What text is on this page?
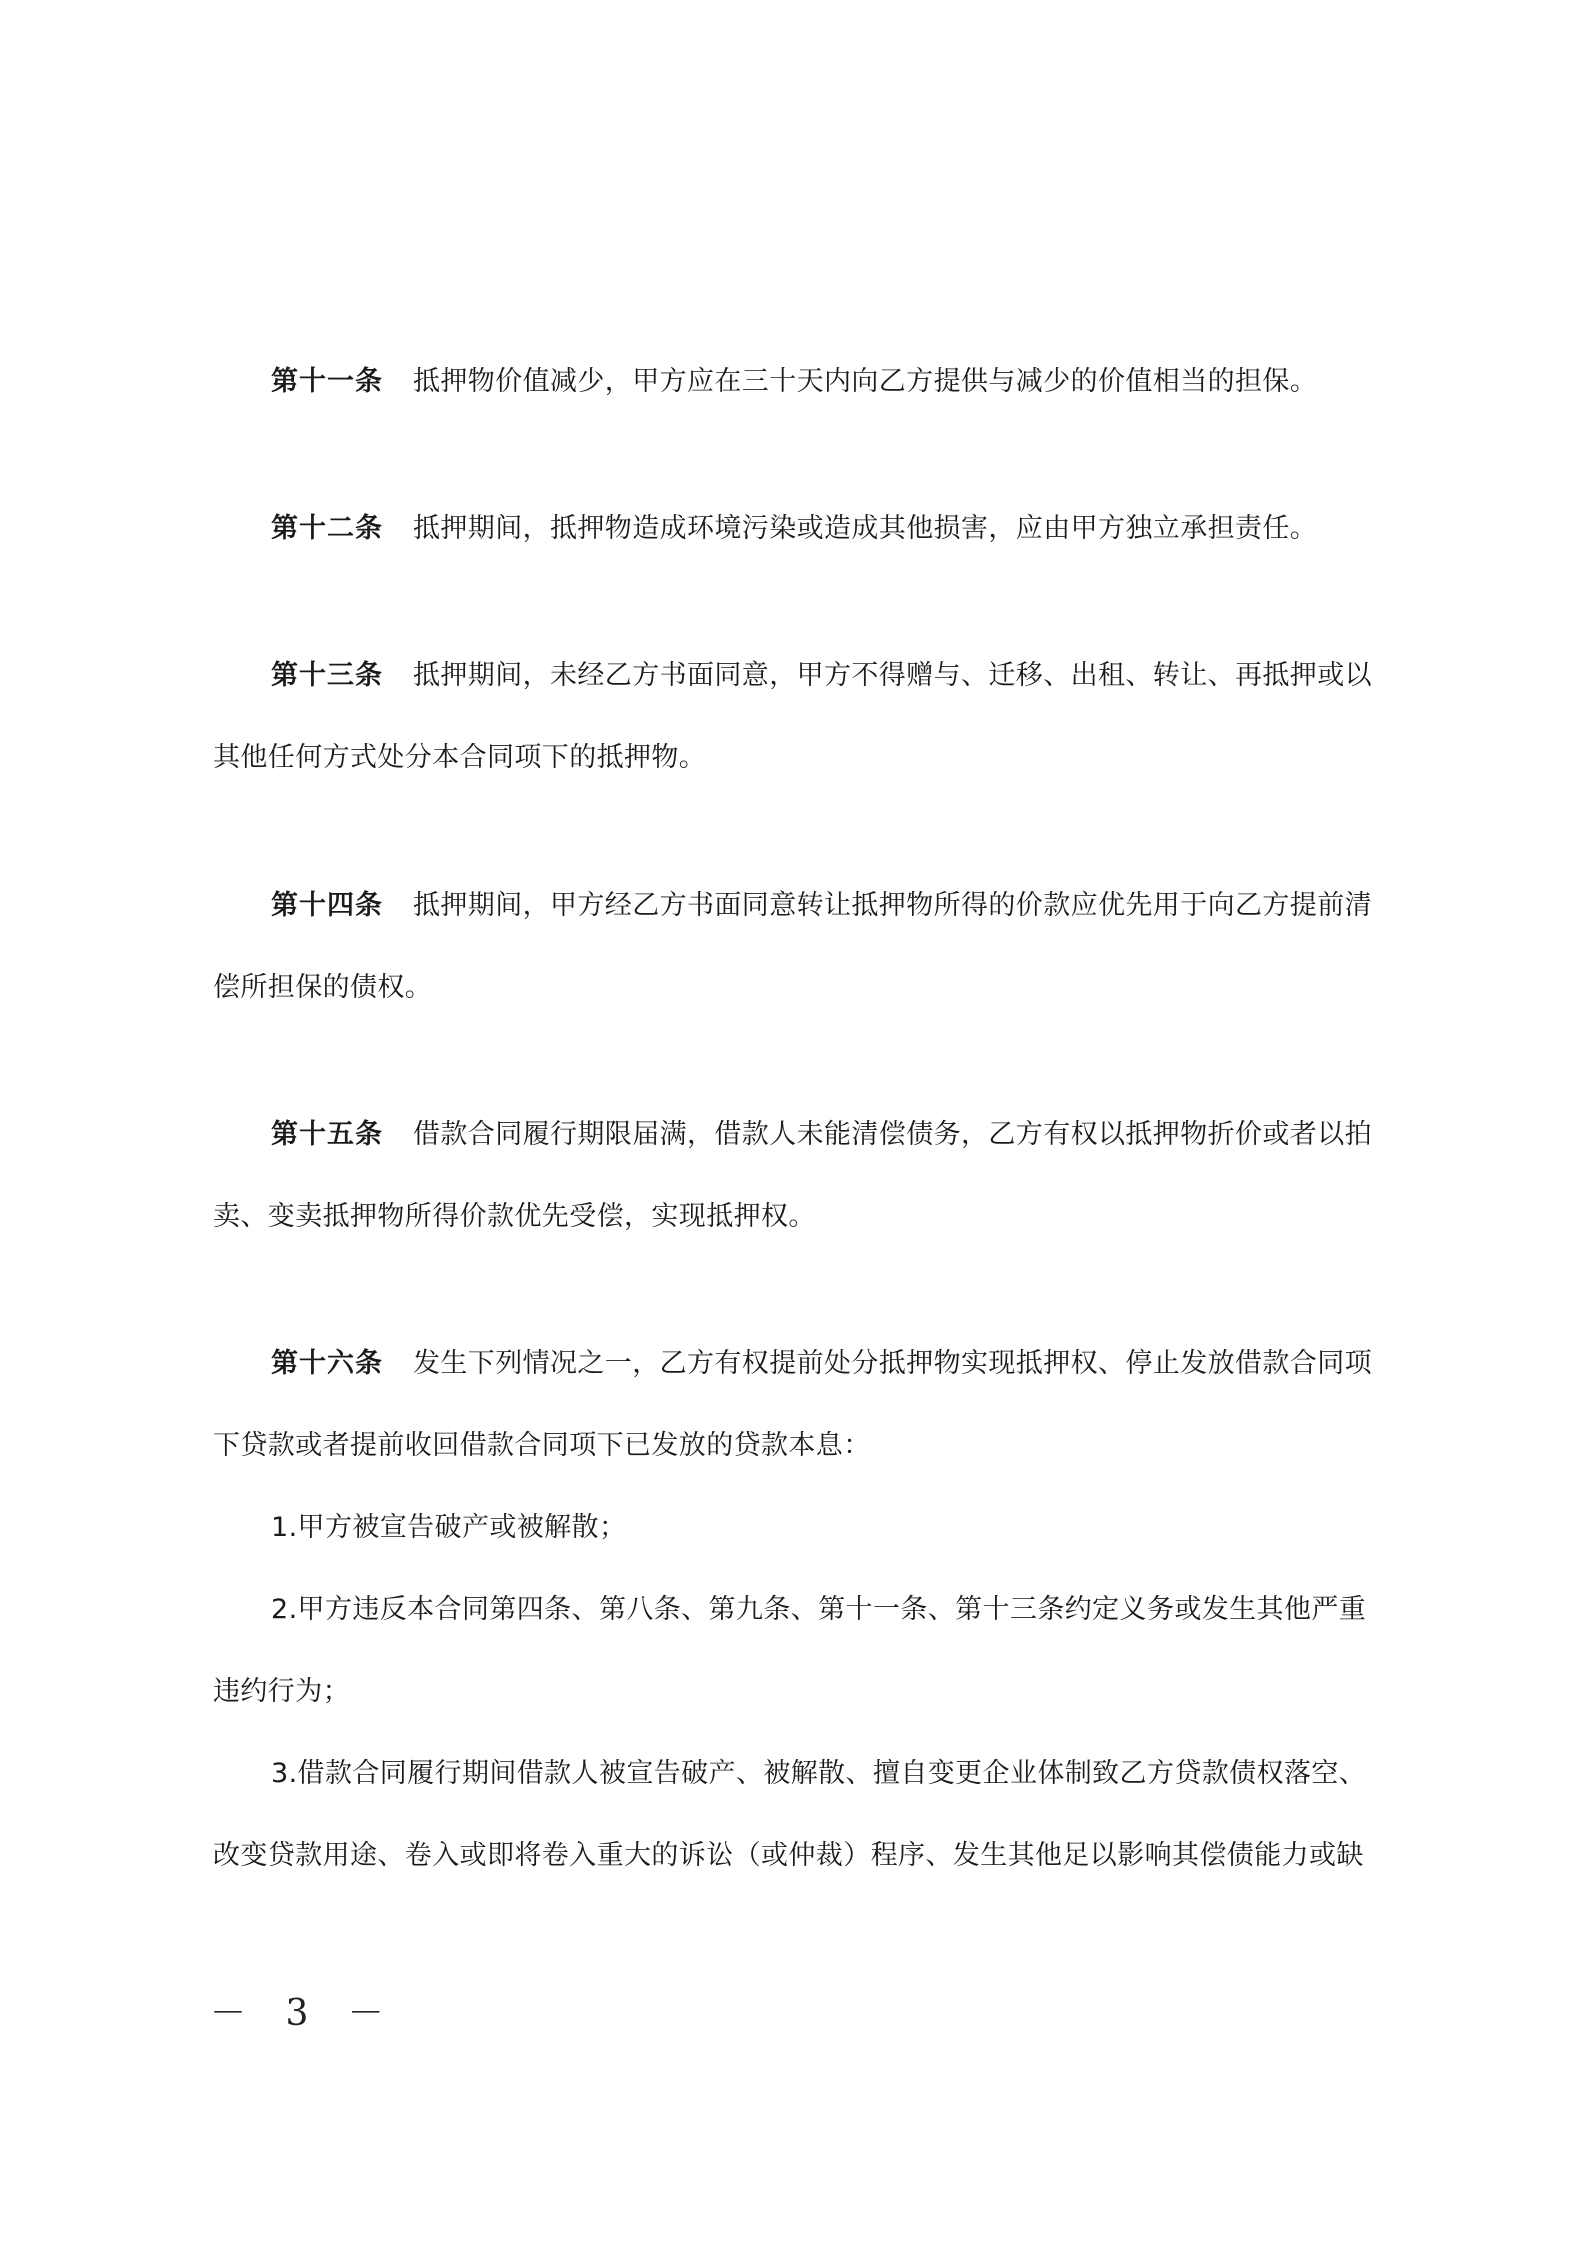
第十一条 抵押物价值减少，甲方应在三十天内向乙方提供与减少的价值相当的担保。
第十二条 抵押期间，抵押物造成环境污染或造成其他损害，应由甲方独立承担责任。
第十三条 抵押期间，未经乙方书面同意，甲方不得赠与、迁移、出租、转让、再抵押或以
其他任何方式处分本合同项下的抵押物。
第十四条 抵押期间，甲方经乙方书面同意转让抵押物所得的价款应优先用于向乙方提前清
偿所担保的债权。
第十五条 借款合同履行期限届满，借款人未能清偿债务，乙方有权以抵押物折价或者以拍
卖、变卖抵押物所得价款优先受偿，实现抵押权。
第十六条 发生下列情况之一，乙方有权提前处分抵押物实现抵押权、停止发放借款合同项
下贷款或者提前收回借款合同项下已发放的贷款本息：
1.甲方被宣告破产或被解散；
2.甲方违反本合同第四条、第八条、第九条、第十一条、第十三条约定义务或发生其他严重
违约行为；
3.借款合同履行期间借款人被宣告破产、被解散、擅自变更企业体制致乙方贷款债权落空、
改变贷款用途、卷入或即将卷入重大的诉讼（或仲裁）程序、发生其他足以影响其偿债能力或缺
－ 3 －
